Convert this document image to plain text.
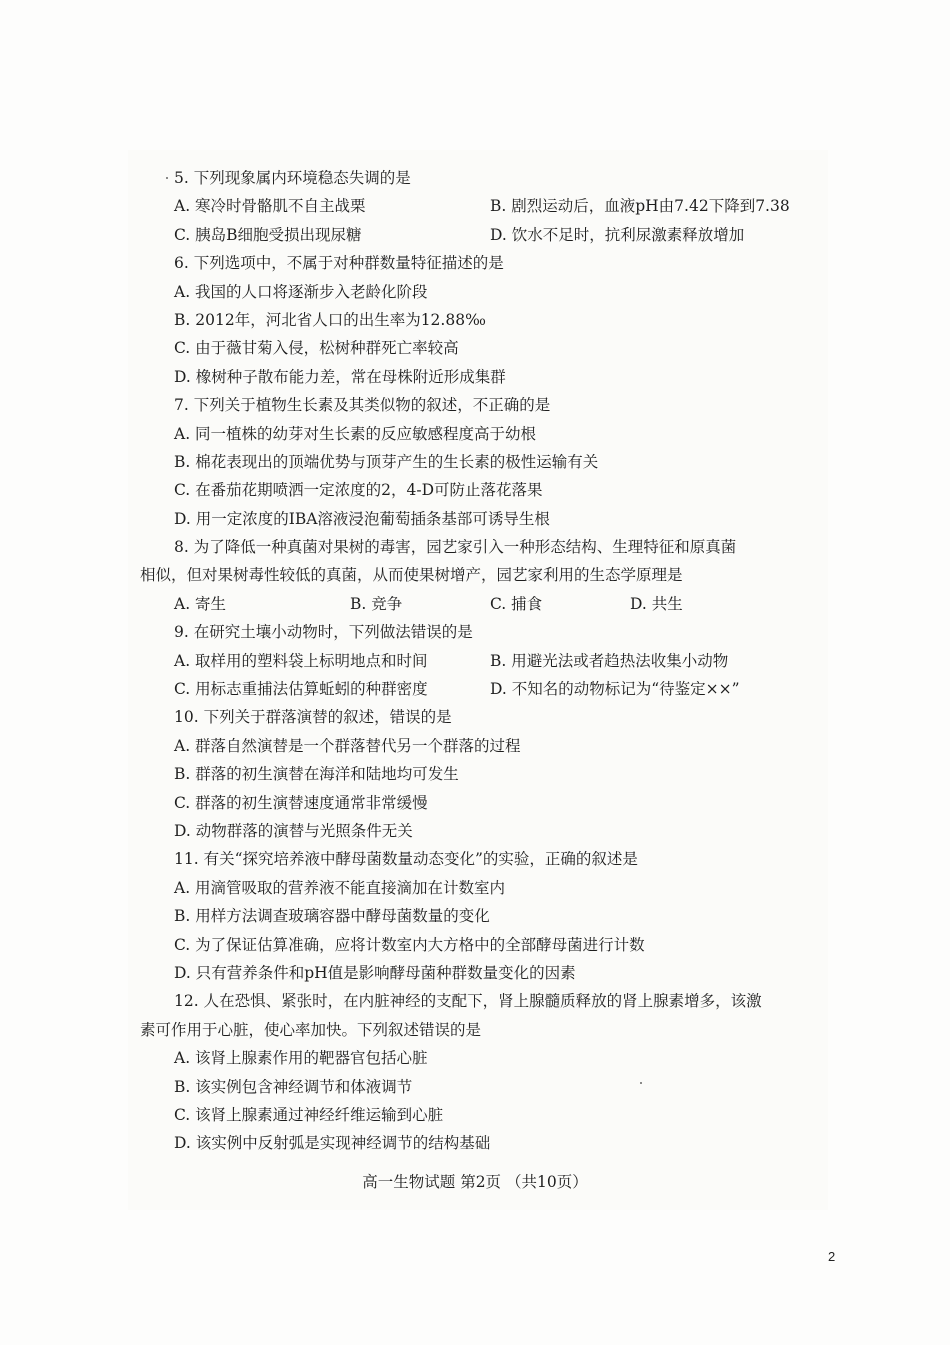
5. 下列现象属内环境稳态失调的是
A. 寒冷时骨骼肌不自主战栗	B. 剧烈运动后，血液pH由7.42下降到7.38
C. 胰岛B细胞受损出现尿糖	D. 饮水不足时，抗利尿激素释放增加
6. 下列选项中，不属于对种群数量特征描述的是
A. 我国的人口将逐渐步入老龄化阶段
B. 2012年，河北省人口的出生率为12.88‰
C. 由于薇甘菊入侵，松树种群死亡率较高
D. 橡树种子散布能力差，常在母株附近形成集群
7. 下列关于植物生长素及其类似物的叙述，不正确的是
A. 同一植株的幼芽对生长素的反应敏感程度高于幼根
B. 棉花表现出的顶端优势与顶芽产生的生长素的极性运输有关
C. 在番茄花期喷洒一定浓度的2，4-D可防止落花落果
D. 用一定浓度的IBA溶液浸泡葡萄插条基部可诱导生根
8. 为了降低一种真菌对果树的毒害，园艺家引入一种形态结构、生理特征和原真菌
相似，但对果树毒性较低的真菌，从而使果树增产，园艺家利用的生态学原理是
A. 寄生	B. 竞争	C. 捕食	D. 共生
9. 在研究土壤小动物时，下列做法错误的是
A. 取样用的塑料袋上标明地点和时间	B. 用避光法或者趋热法收集小动物
C. 用标志重捕法估算蚯蚓的种群密度	D. 不知名的动物标记为“待鉴定××”
10. 下列关于群落演替的叙述，错误的是
A. 群落自然演替是一个群落替代另一个群落的过程
B. 群落的初生演替在海洋和陆地均可发生
C. 群落的初生演替速度通常非常缓慢
D. 动物群落的演替与光照条件无关
11. 有关“探究培养液中酵母菌数量动态变化”的实验，正确的叙述是
A. 用滴管吸取的营养液不能直接滴加在计数室内
B. 用样方法调查玻璃容器中酵母菌数量的变化
C. 为了保证估算准确，应将计数室内大方格中的全部酵母菌进行计数
D. 只有营养条件和pH值是影响酵母菌种群数量变化的因素
12. 人在恐惧、紧张时，在内脏神经的支配下，肾上腺髓质释放的肾上腺素增多，该激
素可作用于心脏，使心率加快。下列叙述错误的是
A. 该肾上腺素作用的靶器官包括心脏
B. 该实例包含神经调节和体液调节
C. 该肾上腺素通过神经纤维运输到心脏
D. 该实例中反射弧是实现神经调节的结构基础
高一生物试题 第2页 （共10页）
2
